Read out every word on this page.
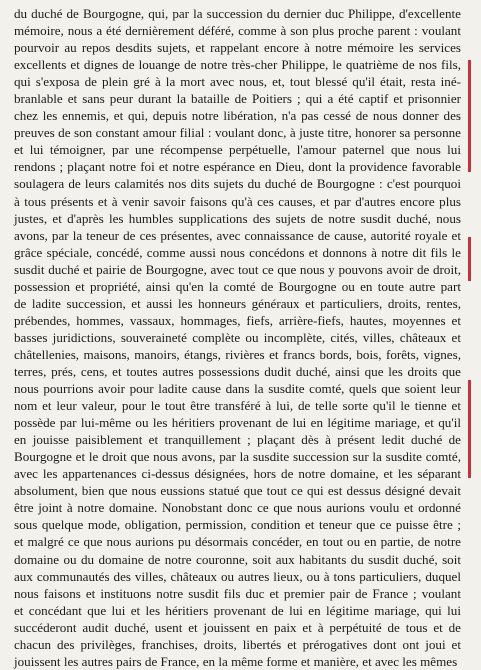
du duché de Bourgogne, qui, par la succession du dernier duc Philippe, d'excellente
mémoire, nous a été dernièrement déféré, comme à son plus proche parent : voulant
pourvoir au repos desdits sujets, et rappelant encore à notre mémoire les services
excellents et dignes de louange de notre très-cher Philippe, le quatrième de nos fils,
qui s'exposa de plein gré à la mort avec nous, et, tout blessé qu'il était, resta iné-
branlable et sans peur durant la bataille de Poitiers ; qui a été captif et prisonnier
chez les ennemis, et qui, depuis notre libération, n'a pas cessé de nous donner des
preuves de son constant amour filial : voulant donc, à juste titre, honorer sa personne
et lui témoigner, par une récompense perpétuelle, l'amour paternel que nous lui
rendons ; plaçant notre foi et notre espérance en Dieu, dont la providence favorable
soulagera de leurs calamités nos dits sujets du duché de Bourgogne : c'est pourquoi
à tous présents et à venir savoir faisons qu'à ces causes, et par d'autres encore plus
justes, et d'après les humbles supplications des sujets de notre susdit duché, nous
avons, par la teneur de ces présentes, avec connaissance de cause, autorité royale et
grâce spéciale, concédé, comme aussi nous concédons et donnons à notre dit fils le
susdit duché et pairie de Bourgogne, avec tout ce que nous y pouvons avoir de droit,
possession et propriété, ainsi qu'en la comté de Bourgogne ou en toute autre part
de ladite succession, et aussi les honneurs généraux et particuliers, droits, rentes,
prébendes, hommes, vassaux, hommages, fiefs, arrière-fiefs, hautes, moyennes et
basses juridictions, souveraineté complète ou incomplète, cités, villes, châteaux et
châtellenies, maisons, manoirs, étangs, rivières et francs bords, bois, forêts, vignes,
terres, prés, cens, et toutes autres possessions dudit duché, ainsi que les droits que
nous pourrions avoir pour ladite cause dans la susdite comté, quels que soient leur
nom et leur valeur, pour le tout être transféré à lui, de telle sorte qu'il le tienne et
possède par lui-même ou les héritiers provenant de lui en légitime mariage, et qu'il
en jouisse paisiblement et tranquillement ; plaçant dès à présent ledit duché de
Bourgogne et le droit que nous avons, par la susdite succession sur la susdite comté,
avec les appartenances ci-dessus désignées, hors de notre domaine, et les séparant
absolument, bien que nous eussions statué que tout ce qui est dessus désigné devait
être joint à notre domaine. Nonobstant donc ce que nous aurions voulu et ordonné
sous quelque mode, obligation, permission, condition et teneur que ce puisse être ;
et malgré ce que nous aurions pu désormais concéder, en tout ou en partie, de notre
domaine ou du domaine de notre couronne, soit aux habitants du susdit duché, soit
aux communautés des villes, châteaux ou autres lieux, ou à tons particuliers, duquel
nous faisons et instituons notre susdit fils duc et premier pair de France ; voulant
et concédant que lui et les héritiers provenant de lui en légitime mariage, qui lui
succéderont audit duché, usent et jouissent en paix et à perpétuité de tous et de
chacun des privilèges, franchises, droits, libertés et prérogatives dont ont joui et
jouissent les autres pairs de France, en la même forme et manière, et avec les mêmes
